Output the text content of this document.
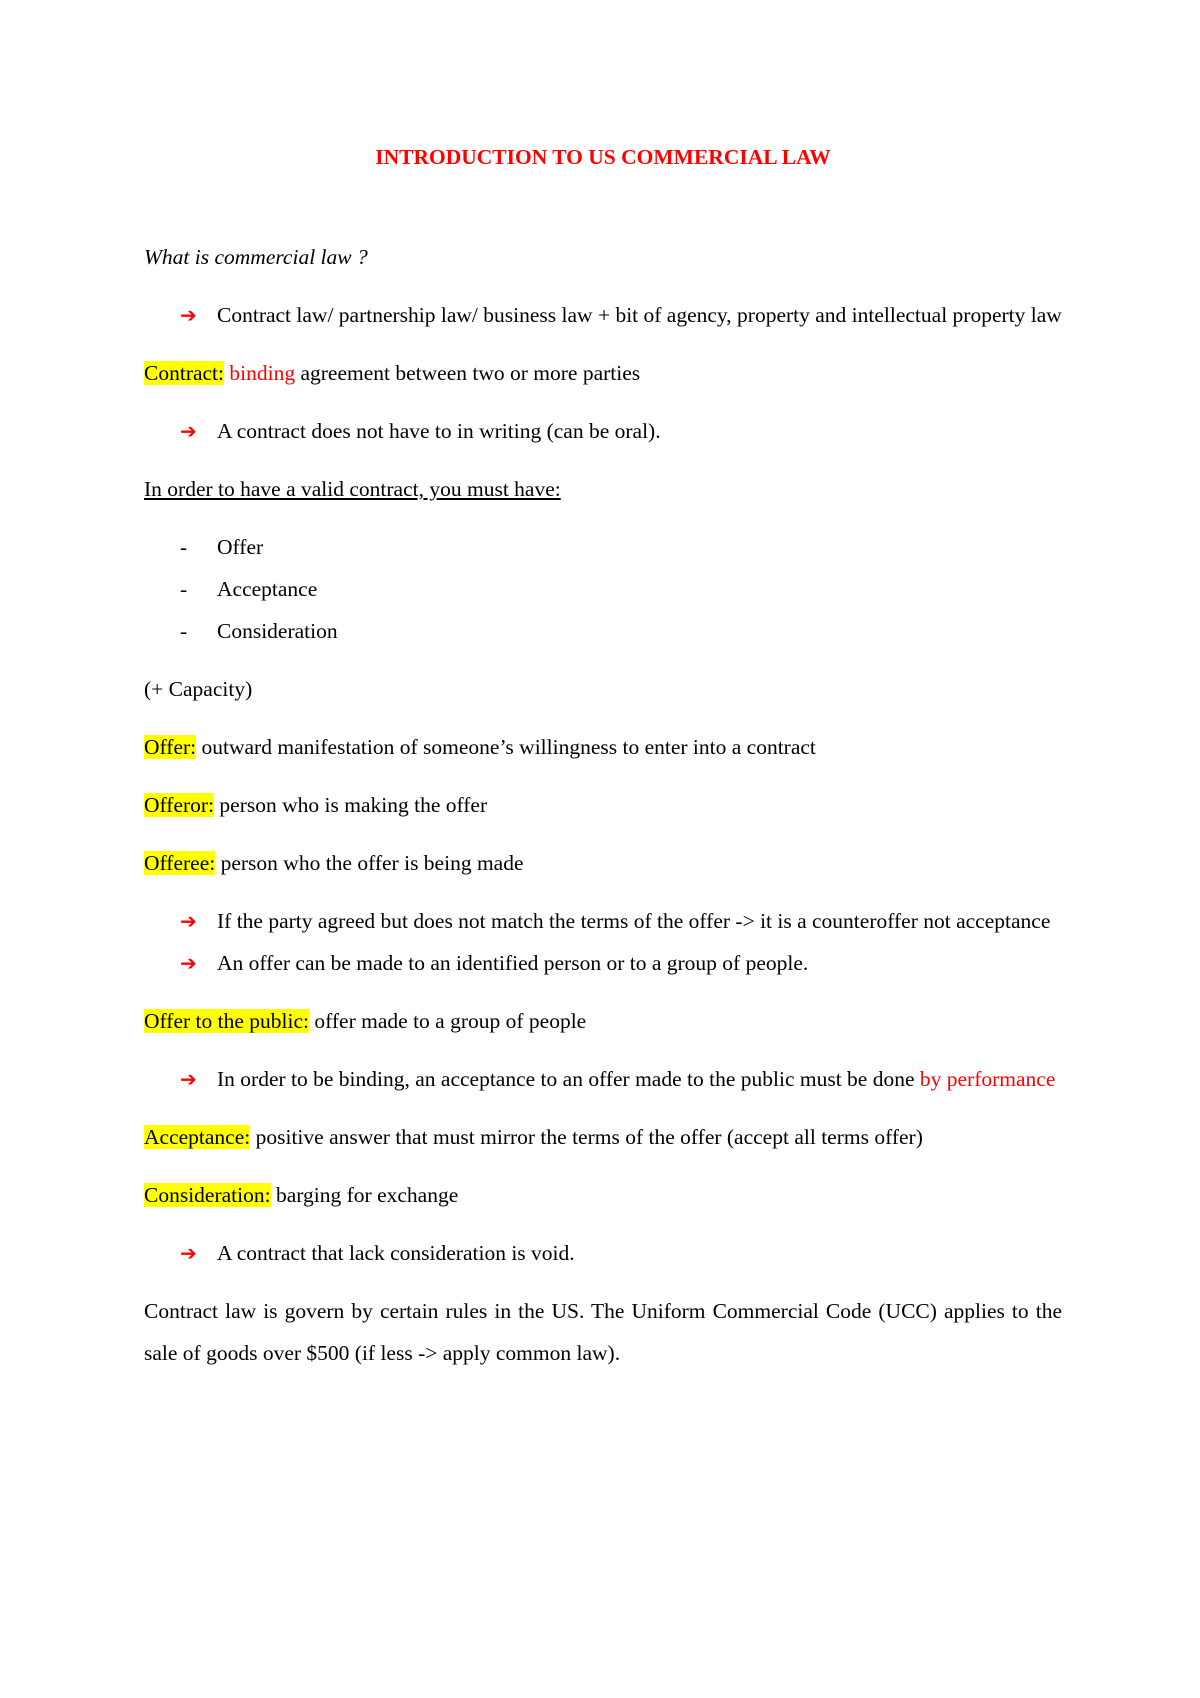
INTRODUCTION TO US COMMERCIAL LAW
What is commercial law ?
➔ Contract law/ partnership law/ business law + bit of agency, property and intellectual property law
Contract: binding agreement between two or more parties
➔ A contract does not have to in writing (can be oral).
In order to have a valid contract, you must have:
- Offer
- Acceptance
- Consideration
(+ Capacity)
Offer: outward manifestation of someone’s willingness to enter into a contract
Offeror: person who is making the offer
Offeree: person who the offer is being made
➔ If the party agreed but does not match the terms of the offer -> it is a counteroffer not acceptance
➔ An offer can be made to an identified person or to a group of people.
Offer to the public: offer made to a group of people
➔ In order to be binding, an acceptance to an offer made to the public must be done by performance
Acceptance: positive answer that must mirror the terms of the offer (accept all terms offer)
Consideration: barging for exchange
➔ A contract that lack consideration is void.
Contract law is govern by certain rules in the US. The Uniform Commercial Code (UCC) applies to the sale of goods over $500 (if less -> apply common law).
